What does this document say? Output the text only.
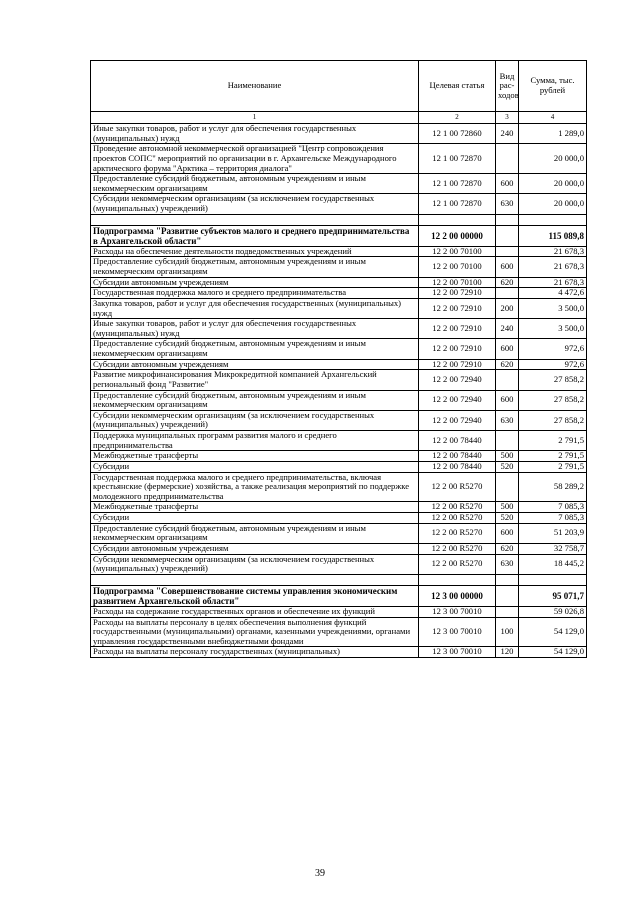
Наименование	Целевая статья	Вид рас-ходов	Сумма, тыс. рублей
1	2	3	4
Иные закупки товаров, работ и услуг для обеспечения государственных (муниципальных) нужд	12 1 00 72860	240	1 289,0
Проведение автономной некоммерческой организацией "Центр сопровождения проектов СОПС" мероприятий по организации в г. Архангельске Международного арктического форума "Арктика – территория диалога"	12 1 00 72870		20 000,0
Предоставление субсидий бюджетным, автономным учреждениям и иным некоммерческим организациям	12 1 00 72870	600	20 000,0
Субсидии некоммерческим организациям (за исключением государственных (муниципальных) учреждений)	12 1 00 72870	630	20 000,0

Подпрограмма "Развитие субъектов малого и среднего предпринимательства в Архангельской области"	12 2 00 00000		115 089,8
Расходы на обеспечение деятельности подведомственных учреждений	12 2 00 70100		21 678,3
Предоставление субсидий бюджетным, автономным учреждениям и иным некоммерческим организациям	12 2 00 70100	600	21 678,3
Субсидии автономным учреждениям	12 2 00 70100	620	21 678,3
Государственная поддержка малого и среднего предпринимательства	12 2 00 72910		4 472,6
Закупка товаров, работ и услуг для обеспечения государственных (муниципальных) нужд	12 2 00 72910	200	3 500,0
Иные закупки товаров, работ и услуг для обеспечения государственных (муниципальных) нужд	12 2 00 72910	240	3 500,0
Предоставление субсидий бюджетным, автономным учреждениям и иным некоммерческим организациям	12 2 00 72910	600	972,6
Субсидии автономным учреждениям	12 2 00 72910	620	972,6
Развитие микрофинансирования Микрокредитной компанией Архангельский региональный фонд "Развитие"	12 2 00 72940		27 858,2
Предоставление субсидий бюджетным, автономным учреждениям и иным некоммерческим организациям	12 2 00 72940	600	27 858,2
Субсидии некоммерческим организациям (за исключением государственных (муниципальных) учреждений)	12 2 00 72940	630	27 858,2
Поддержка муниципальных программ развития малого и среднего предпринимательства	12 2 00 78440		2 791,5
Межбюджетные трансферты	12 2 00 78440	500	2 791,5
Субсидии	12 2 00 78440	520	2 791,5
Государственная поддержка малого и среднего предпринимательства, включая крестьянские (фермерские) хозяйства, а также реализация мероприятий по поддержке молодежного предпринимательства	12 2 00 R5270		58 289,2
Межбюджетные трансферты	12 2 00 R5270	500	7 085,3
Субсидии	12 2 00 R5270	520	7 085,3
Предоставление субсидий бюджетным, автономным учреждениям и иным некоммерческим организациям	12 2 00 R5270	600	51 203,9
Субсидии автономным учреждениям	12 2 00 R5270	620	32 758,7
Субсидии некоммерческим организациям (за исключением государственных (муниципальных) учреждений)	12 2 00 R5270	630	18 445,2

Подпрограмма "Совершенствование системы управления экономическим развитием Архангельской области"	12 3 00 00000		95 071,7
Расходы на содержание государственных органов и обеспечение их функций	12 3 00 70010		59 026,8
Расходы на выплаты персоналу в целях обеспечения выполнения функций государственными (муниципальными) органами, казенными учреждениями, органами управления государственными внебюджетными фондами	12 3 00 70010	100	54 129,0
Расходы на выплаты персоналу государственных (муниципальных)	12 3 00 70010	120	54 129,0
39
